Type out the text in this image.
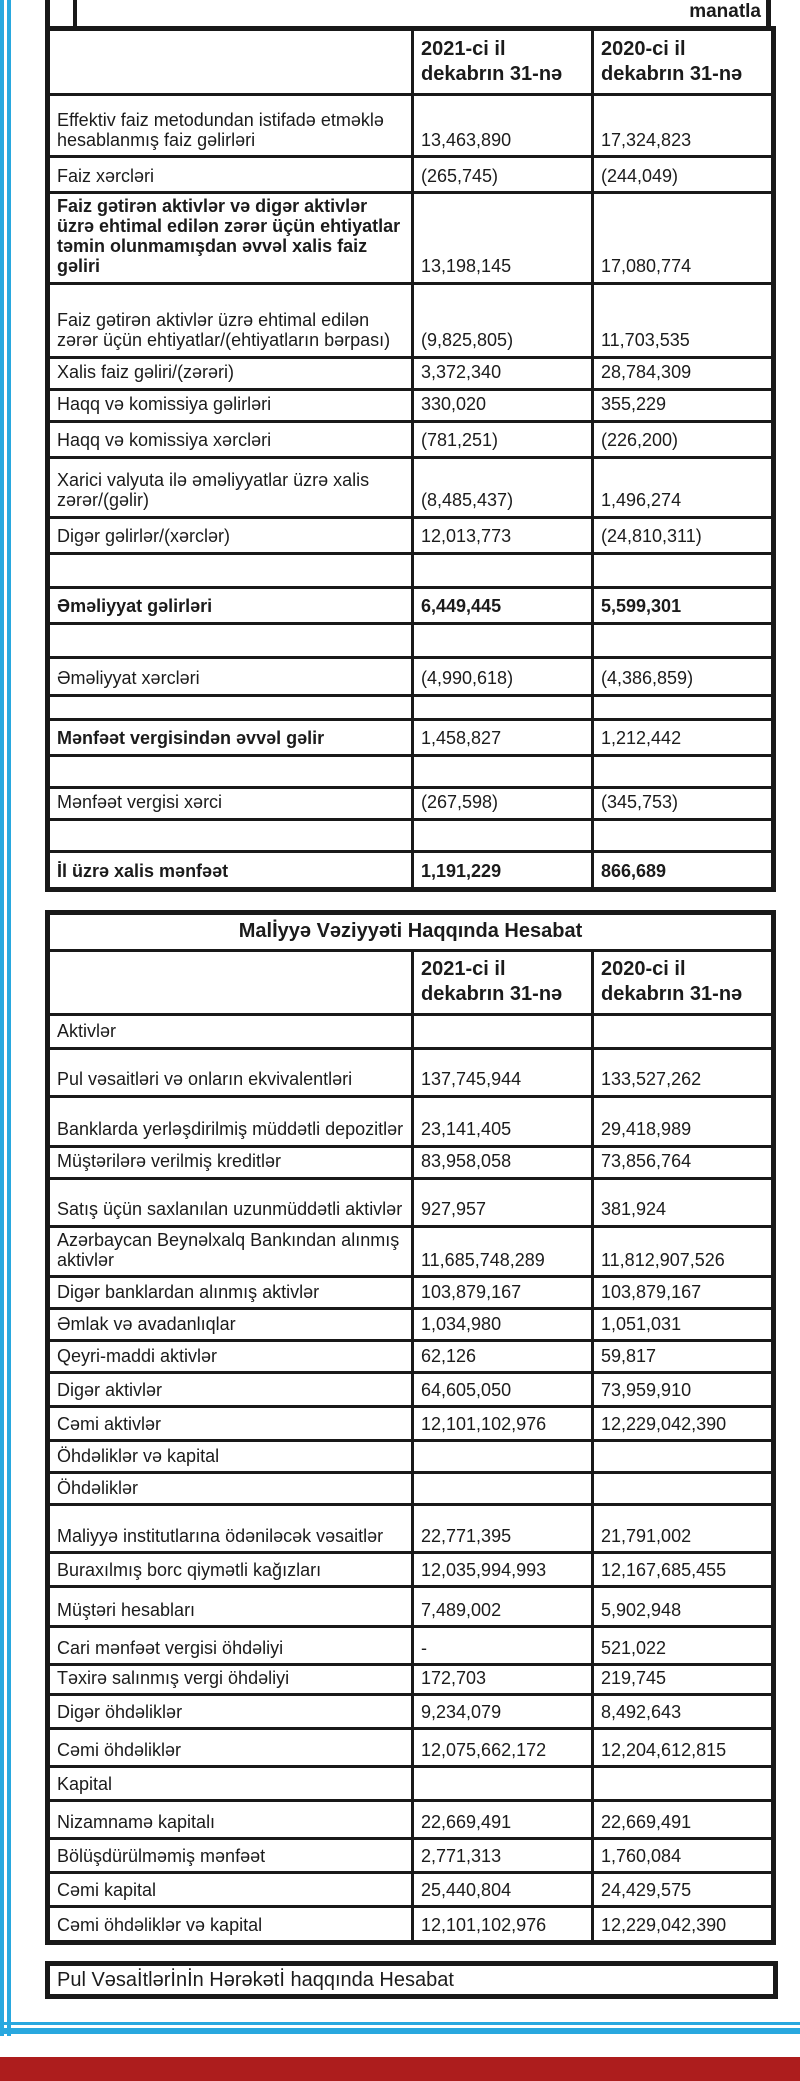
manatla
	2021-ci il dekabrın 31-nə	2020-ci il dekabrın 31-nə
Effektiv faiz metodundan istifadə etməklə hesablanmış faiz gəlirləri	13,463,890	17,324,823
Faiz xərcləri	(265,745)	(244,049)
Faiz gətirən aktivlər və digər aktivlər üzrə ehtimal edilən zərər üçün ehtiyatlar təmin olunmamışdan əvvəl xalis faiz gəliri	13,198,145	17,080,774
Faiz gətirən aktivlər üzrə ehtimal edilən zərər üçün ehtiyatlar/(ehtiyatların bərpası)	(9,825,805)	11,703,535
Xalis faiz gəliri/(zərəri)	3,372,340	28,784,309
Haqq və komissiya gəlirləri	330,020	355,229
Haqq və komissiya xərcləri	(781,251)	(226,200)
Xarici valyuta ilə əməliyyatlar üzrə xalis zərər/(gəlir)	(8,485,437)	1,496,274
Digər gəlirlər/(xərclər)	12,013,773	(24,810,311)

Əməliyyat gəlirləri	6,449,445	5,599,301

Əməliyyat xərcləri	(4,990,618)	(4,386,859)

Mənfəət vergisindən əvvəl gəlir	1,458,827	1,212,442

Mənfəət vergisi xərci	(267,598)	(345,753)

İl üzrə xalis mənfəət	1,191,229	866,689
Malİyyə Vəziyyəti Haqqında Hesabat		
	2021-ci il dekabrın 31-nə	2020-ci il dekabrın 31-nə
Aktivlər		
Pul vəsaitləri və onların ekvivalentləri	137,745,944	133,527,262
Banklarda yerləşdirilmiş müddətli depozitlər	23,141,405	29,418,989
Müştərilərə verilmiş kreditlər	83,958,058	73,856,764
Satış üçün saxlanılan uzunmüddətli aktivlər	927,957	381,924
Azərbaycan Beynəlxalq Bankından alınmış aktivlər	11,685,748,289	11,812,907,526
Digər banklardan alınmış aktivlər	103,879,167	103,879,167
Əmlak və avadanlıqlar	1,034,980	1,051,031
Qeyri-maddi aktivlər	62,126	59,817
Digər aktivlər	64,605,050	73,959,910
Cəmi aktivlər	12,101,102,976	12,229,042,390
Öhdəliklər və kapital		
Öhdəliklər		
Maliyyə institutlarına ödəniləcək vəsaitlər	22,771,395	21,791,002
Buraxılmış borc qiymətli kağızları	12,035,994,993	12,167,685,455
Müştəri hesabları	7,489,002	5,902,948
Cari mənfəət vergisi öhdəliyi	-	521,022
Təxirə salınmış vergi öhdəliyi	172,703	219,745
Digər öhdəliklər	9,234,079	8,492,643
Cəmi öhdəliklər	12,075,662,172	12,204,612,815
Kapital		
Nizamnamə kapitalı	22,669,491	22,669,491
Bölüşdürülməmiş mənfəət	2,771,313	1,760,084
Cəmi kapital	25,440,804	24,429,575
Cəmi öhdəliklər və kapital	12,101,102,976	12,229,042,390
Pul Vəsaİtlərİnİn Hərəkətİ haqqında Hesabat
